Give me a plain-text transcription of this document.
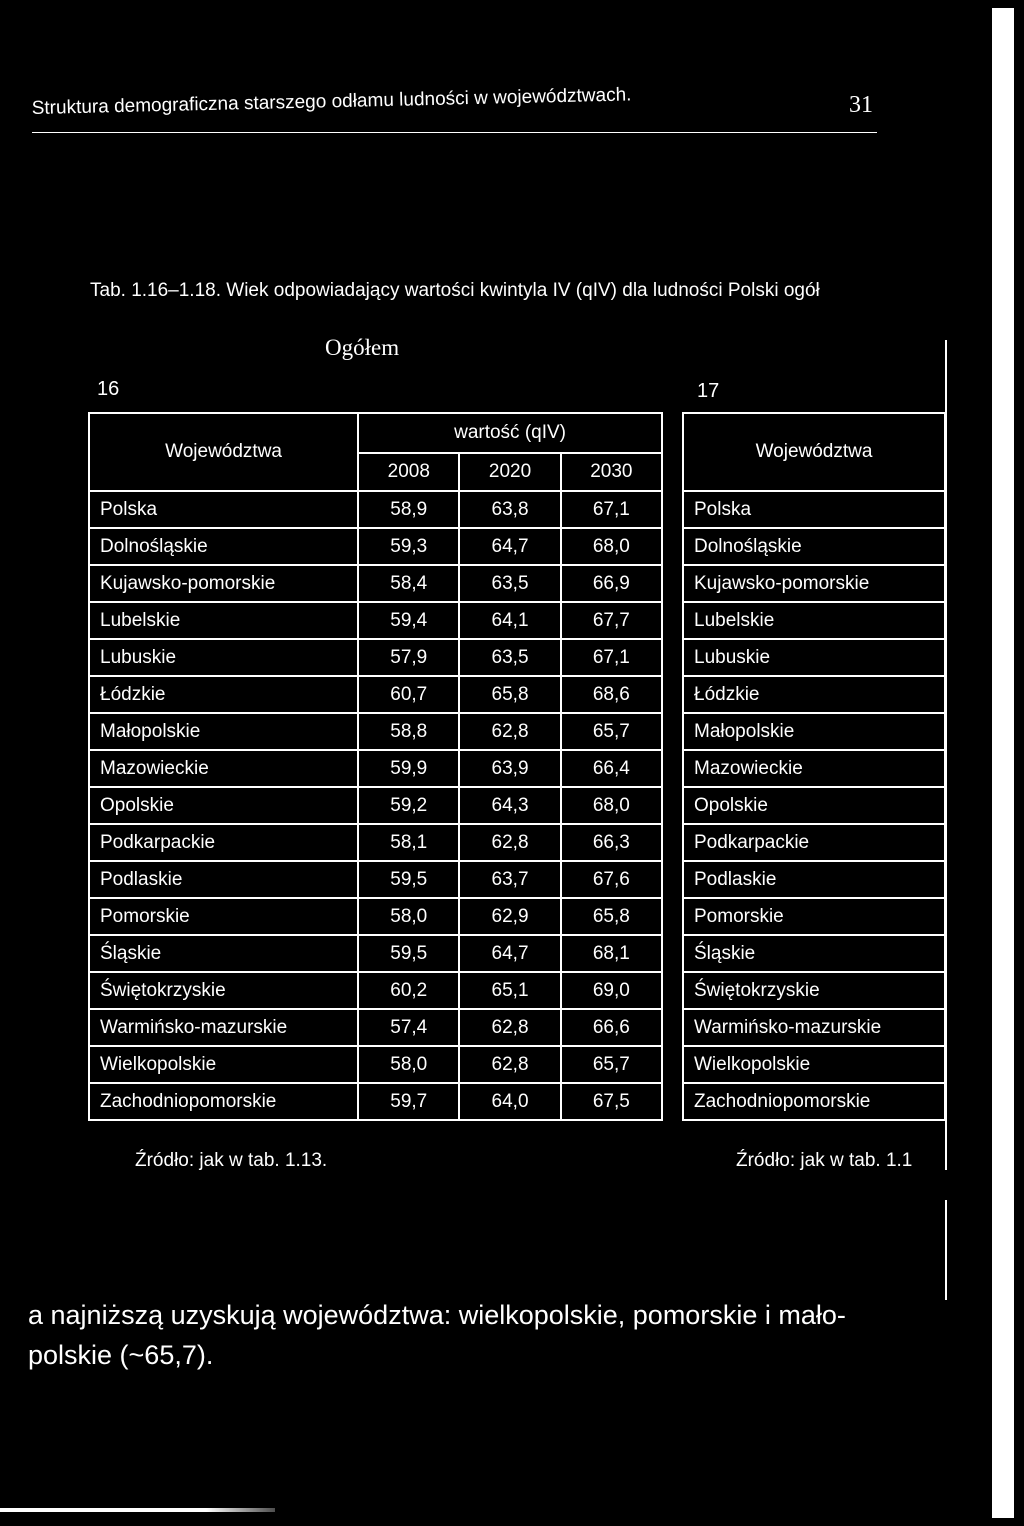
Struktura demograficzna starszego odłamu ludności w województwach.	31
Tab. 1.16–1.18. Wiek odpowiadający wartości kwintyla IV (qIV) dla ludności Polski ogół
Ogółem
16	17
Województwa	wartość (qIV)		
	2008	2020	2030
Polska	58,9	63,8	67,1
Dolnośląskie	59,3	64,7	68,0
Kujawsko-pomorskie	58,4	63,5	66,9
Lubelskie	59,4	64,1	67,7
Lubuskie	57,9	63,5	67,1
Łódzkie	60,7	65,8	68,6
Małopolskie	58,8	62,8	65,7
Mazowieckie	59,9	63,9	66,4
Opolskie	59,2	64,3	68,0
Podkarpackie	58,1	62,8	66,3
Podlaskie	59,5	63,7	67,6
Pomorskie	58,0	62,9	65,8
Śląskie	59,5	64,7	68,1
Świętokrzyskie	60,2	65,1	69,0
Warmińsko-mazurskie	57,4	62,8	66,6
Wielkopolskie	58,0	62,8	65,7
Zachodniopomorskie	59,7	64,0	67,5
Województwa
Polska
Dolnośląskie
Kujawsko-pomorskie
Lubelskie
Lubuskie
Łódzkie
Małopolskie
Mazowieckie
Opolskie
Podkarpackie
Podlaskie
Pomorskie
Śląskie
Świętokrzyskie
Warmińsko-mazurskie
Wielkopolskie
Zachodniopomorskie
Źródło: jak w tab. 1.13.	Źródło: jak w tab. 1.1
a najniższą uzyskują województwa: wielkopolskie, pomorskie i mało-
polskie (~65,7).
